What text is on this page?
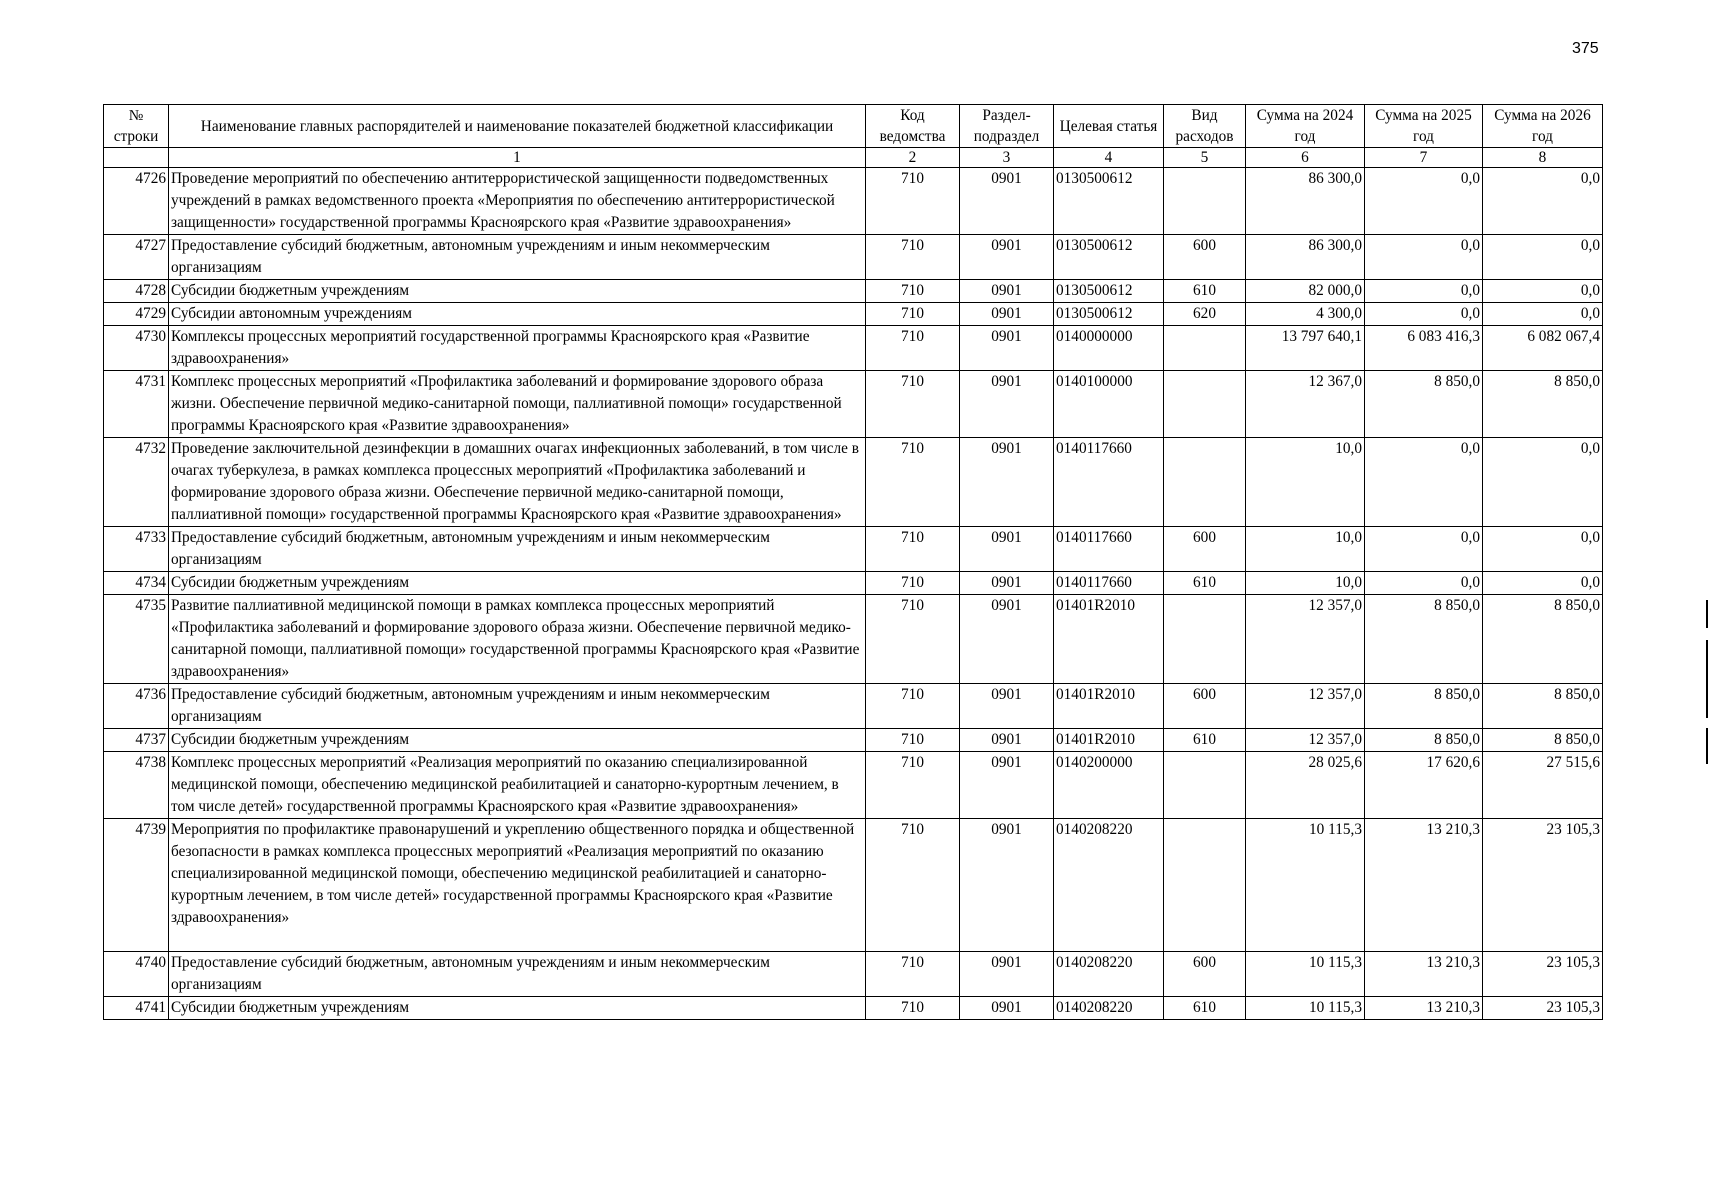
375
№ строки	Наименование главных распорядителей и наименование показателей бюджетной классификации	Код ведомства	Раздел- подраздел	Целевая статья	Вид расходов	Сумма на 2024 год	Сумма на 2025 год	Сумма на 2026 год
	1	2	3	4	5	6	7	8
4726	Проведение мероприятий по обеспечению антитеррористической защищенности подведомственных учреждений в рамках ведомственного проекта «Мероприятия по обеспечению антитеррористической защищенности» государственной программы Красноярского края «Развитие здравоохранения»	710	0901	0130500612		86 300,0	0,0	0,0
4727	Предоставление субсидий бюджетным, автономным учреждениям и иным некоммерческим организациям	710	0901	0130500612	600	86 300,0	0,0	0,0
4728	Субсидии бюджетным учреждениям	710	0901	0130500612	610	82 000,0	0,0	0,0
4729	Субсидии автономным учреждениям	710	0901	0130500612	620	4 300,0	0,0	0,0
4730	Комплексы процессных мероприятий государственной программы Красноярского края «Развитие здравоохранения»	710	0901	0140000000		13 797 640,1	6 083 416,3	6 082 067,4
4731	Комплекс процессных мероприятий «Профилактика заболеваний и формирование здорового образа жизни. Обеспечение первичной медико-санитарной помощи, паллиативной помощи» государственной программы Красноярского края «Развитие здравоохранения»	710	0901	0140100000		12 367,0	8 850,0	8 850,0
4732	Проведение заключительной дезинфекции в домашних очагах инфекционных заболеваний, в том числе в очагах туберкулеза, в рамках комплекса процессных мероприятий «Профилактика заболеваний и формирование здорового образа жизни. Обеспечение первичной медико-санитарной помощи, паллиативной помощи» государственной программы Красноярского края «Развитие здравоохранения»	710	0901	0140117660		10,0	0,0	0,0
4733	Предоставление субсидий бюджетным, автономным учреждениям и иным некоммерческим организациям	710	0901	0140117660	600	10,0	0,0	0,0
4734	Субсидии бюджетным учреждениям	710	0901	0140117660	610	10,0	0,0	0,0
4735	Развитие паллиативной медицинской помощи в рамках комплекса процессных мероприятий «Профилактика заболеваний и формирование здорового образа жизни. Обеспечение первичной медико-санитарной помощи, паллиативной помощи» государственной программы Красноярского края «Развитие здравоохранения»	710	0901	01401R2010		12 357,0	8 850,0	8 850,0
4736	Предоставление субсидий бюджетным, автономным учреждениям и иным некоммерческим организациям	710	0901	01401R2010	600	12 357,0	8 850,0	8 850,0
4737	Субсидии бюджетным учреждениям	710	0901	01401R2010	610	12 357,0	8 850,0	8 850,0
4738	Комплекс процессных мероприятий «Реализация мероприятий по оказанию специализированной медицинской помощи, обеспечению медицинской реабилитацией и санаторно-курортным лечением, в том числе детей» государственной программы Красноярского края «Развитие здравоохранения»	710	0901	0140200000		28 025,6	17 620,6	27 515,6
4739	Мероприятия по профилактике правонарушений и укреплению общественного порядка и общественной безопасности в рамках комплекса процессных мероприятий «Реализация мероприятий по оказанию специализированной медицинской помощи, обеспечению медицинской реабилитацией и санаторно-курортным лечением, в том числе детей» государственной программы Красноярского края «Развитие здравоохранения»	710	0901	0140208220		10 115,3	13 210,3	23 105,3
4740	Предоставление субсидий бюджетным, автономным учреждениям и иным некоммерческим организациям	710	0901	0140208220	600	10 115,3	13 210,3	23 105,3
4741	Субсидии бюджетным учреждениям	710	0901	0140208220	610	10 115,3	13 210,3	23 105,3
